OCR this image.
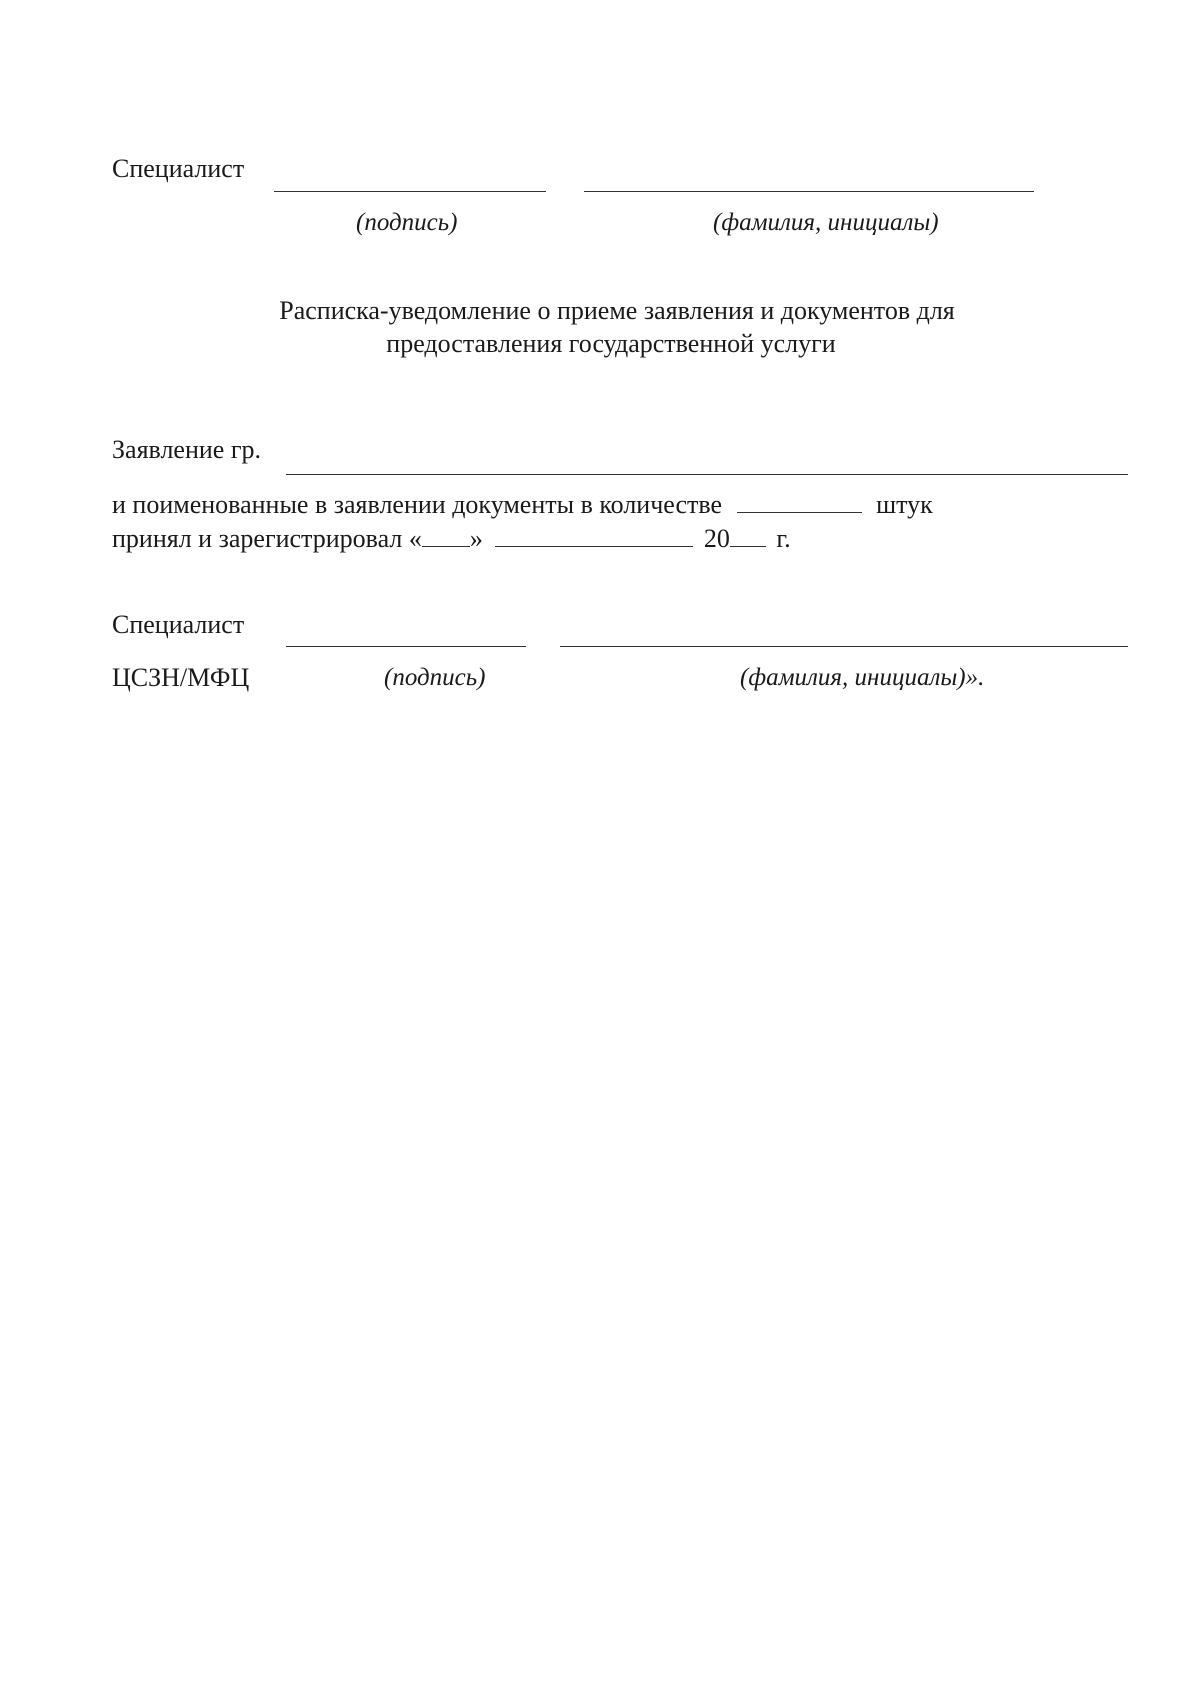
Специалист
(подпись)	(фамилия, инициалы)
Расписка-уведомление о приеме заявления и документов для
предоставления государственной услуги
Заявление гр.
и поименованные в заявлении документы в количестве	штук
принял и зарегистрировал « »	20 г.
Специалист
ЦСЗН/МФЦ	(подпись)	(фамилия, инициалы)».
